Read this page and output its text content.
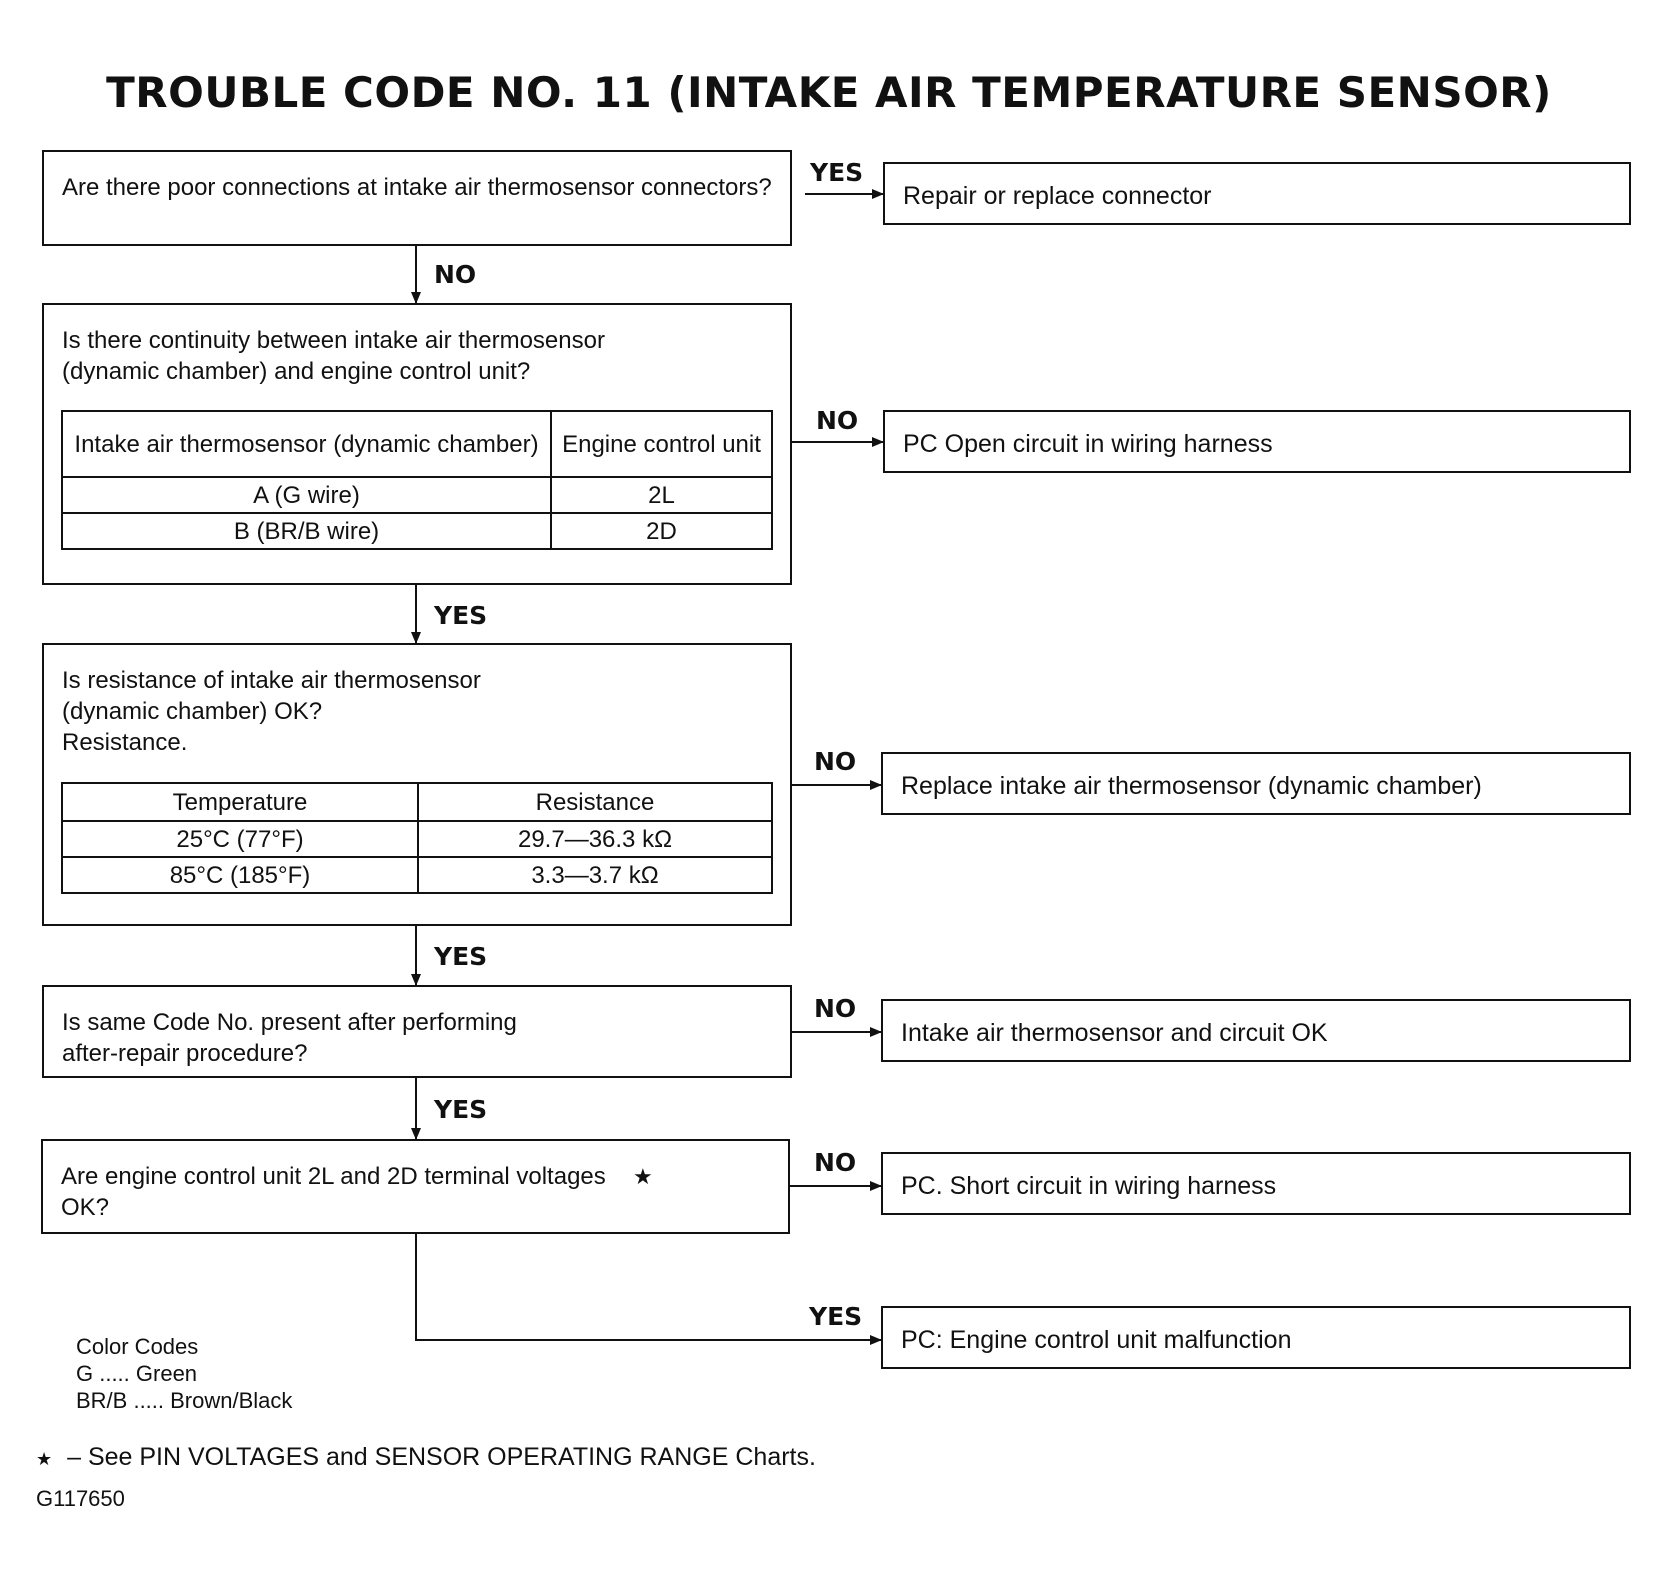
TROUBLE CODE NO. 11 (INTAKE AIR TEMPERATURE SENSOR)
Are there poor connections at intake air thermosensor connectors?
YES
Repair or replace connector
NO
Is there continuity between intake air thermosensor (dynamic chamber) and engine control unit?
Intake air thermosensor (dynamic chamber)	Engine control unit
A (G wire)	2L
B (BR/B wire)	2D
NO
PC Open circuit in wiring harness
YES
Is resistance of intake air thermosensor
(dynamic chamber) OK?
Resistance.
Temperature	Resistance
25°C (77°F)	29.7—36.3 kΩ
85°C (185°F)	3.3—3.7 kΩ
NO
Replace intake air thermosensor (dynamic chamber)
YES
Is same Code No. present after performing after-repair procedure?
NO
Intake air thermosensor and circuit OK
YES
Are engine control unit 2L and 2D terminal voltages OK?
★	NO
PC. Short circuit in wiring harness
YES
PC: Engine control unit malfunction
Color Codes
G ..... Green
BR/B ..... Brown/Black
★ – See PIN VOLTAGES and SENSOR OPERATING RANGE Charts.
G117650
